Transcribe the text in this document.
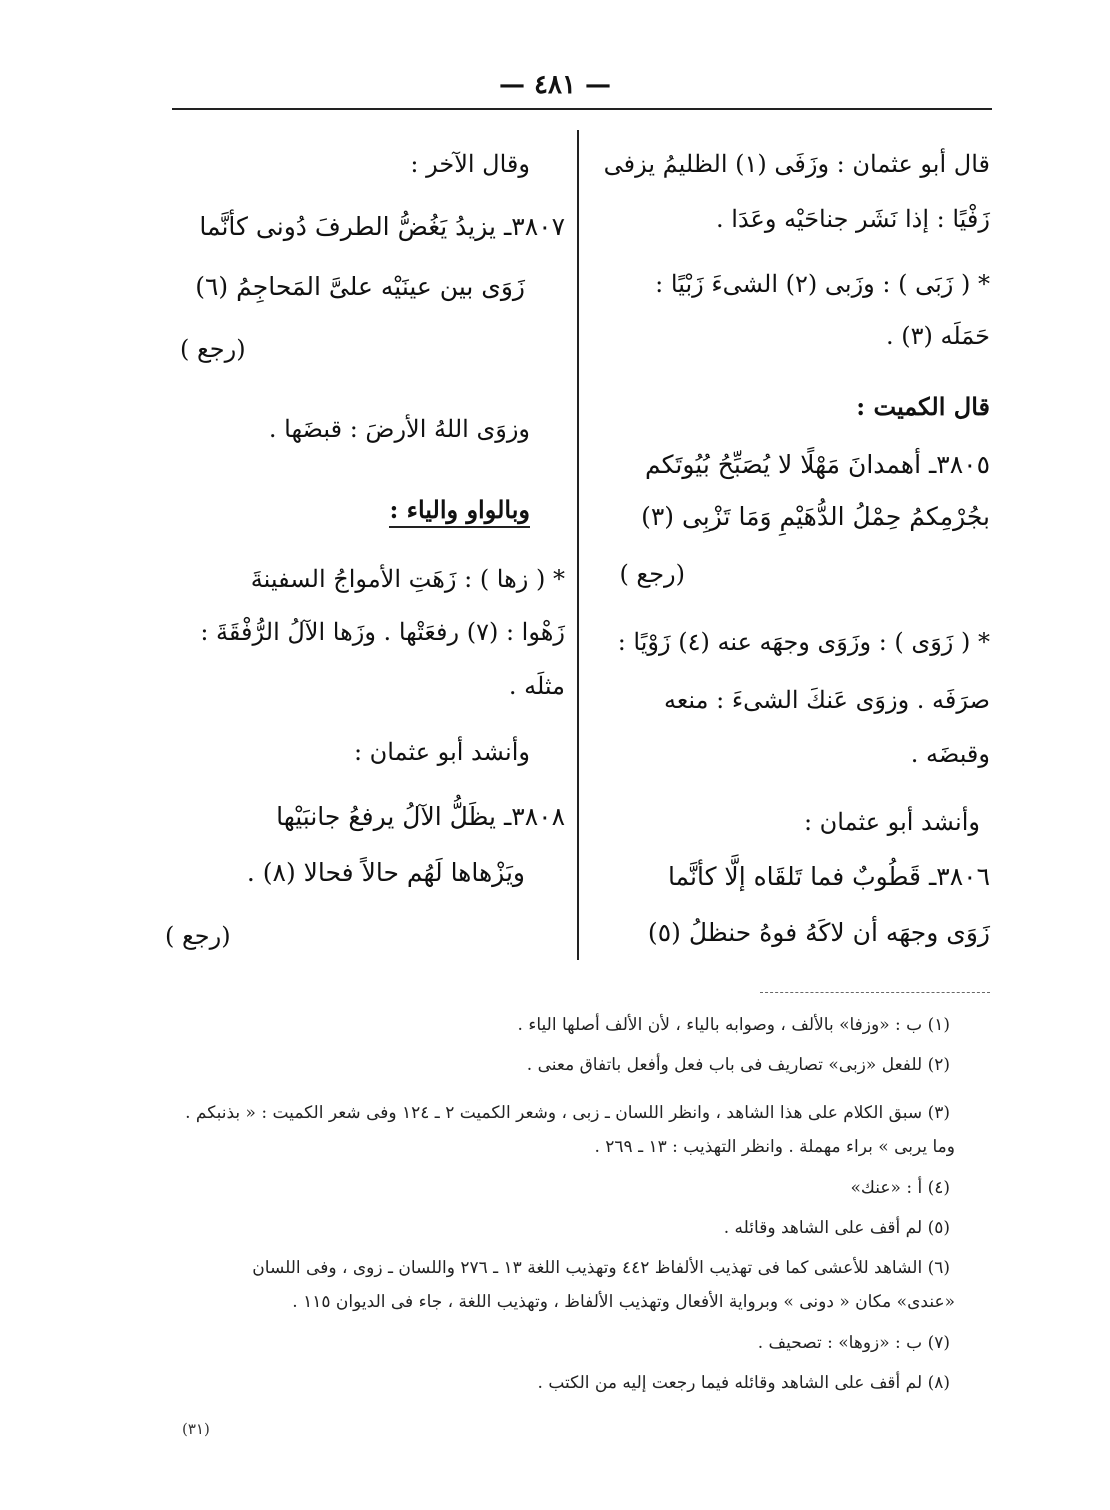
— ٤٨١ —
قال أبو عثمان : وزَفَى (١) الظليمُ يزفى
زَفْيًا : إذا نَشَر جناحَيْه وعَدَا .
* ( زَبَى ) : وزَبى (٢) الشىءَ زَبْيًا :
حَمَلَه (٣) .
قال الكميت :
٣٨٠٥ـ أهمدانَ مَهْلًا لا يُصَبِّحُ بُيُوتَكم
بجُرْمِكمُ حِمْلُ الدُّهَيْمِ وَمَا تَزْبِى (٣)
(رجع )
* ( زَوَى ) : وزَوَى وجهَه عنه (٤) زَوْيًا :
صرَفَه . وزوَى عَنكَ الشىءَ : منعه
وقبضَه .
وأنشد أبو عثمان :
٣٨٠٦ـ قَطُوبٌ فما تَلقَاه إلَّا كأنَّما
زَوَى وجهَه أن لاكَهُ فوهُ حنظلُ (٥)
وقال الآخر :
٣٨٠٧ـ يزيدُ يَغُضُّ الطرفَ دُونى كأنَّما
زَوَى بين عينَيْه علىَّ المَحاجِمُ (٦)
(رجع )
وزوَى اللهُ الأرضَ : قبضَها .
وبالواو والياء :
* ( زها ) : زَهَتِ الأمواجُ السفينةَ
زَهْوا : (٧) رفعَتْها . وزَها الآلُ الرُّفْقَةَ :
مثلَه .
وأنشد أبو عثمان :
٣٨٠٨ـ يظَلُّ الآلُ يرفعُ جانبَيْها
ويَزْهاها لَهُم حالاً فحالا (٨) .
(رجع )
(١) ب : «وزفا» بالألف ، وصوابه بالياء ، لأن الألف أصلها الياء .
(٢) للفعل «زبى» تصاريف فى باب فعل وأفعل باتفاق معنى .
(٣) سبق الكلام على هذا الشاهد ، وانظر اللسان ـ زبى ، وشعر الكميت ٢ ـ ١٢٤ وفى شعر الكميت : « بذنبكم .
وما يربى » براء مهملة . وانظر التهذيب : ١٣ ـ ٢٦٩ .
(٤) أ : «عنك»
(٥) لم أقف على الشاهد وقائله .
(٦) الشاهد للأعشى كما فى تهذيب الألفاظ ٤٤٢ وتهذيب اللغة ١٣ ـ ٢٧٦ واللسان ـ زوى ، وفى اللسان
«عندى» مكان « دونى » وبرواية الأفعال وتهذيب الألفاظ ، وتهذيب اللغة ، جاء فى الديوان ١١٥ .
(٧) ب : «زوها» : تصحيف .
(٨) لم أقف على الشاهد وقائله فيما رجعت إليه من الكتب .
(٣١)
